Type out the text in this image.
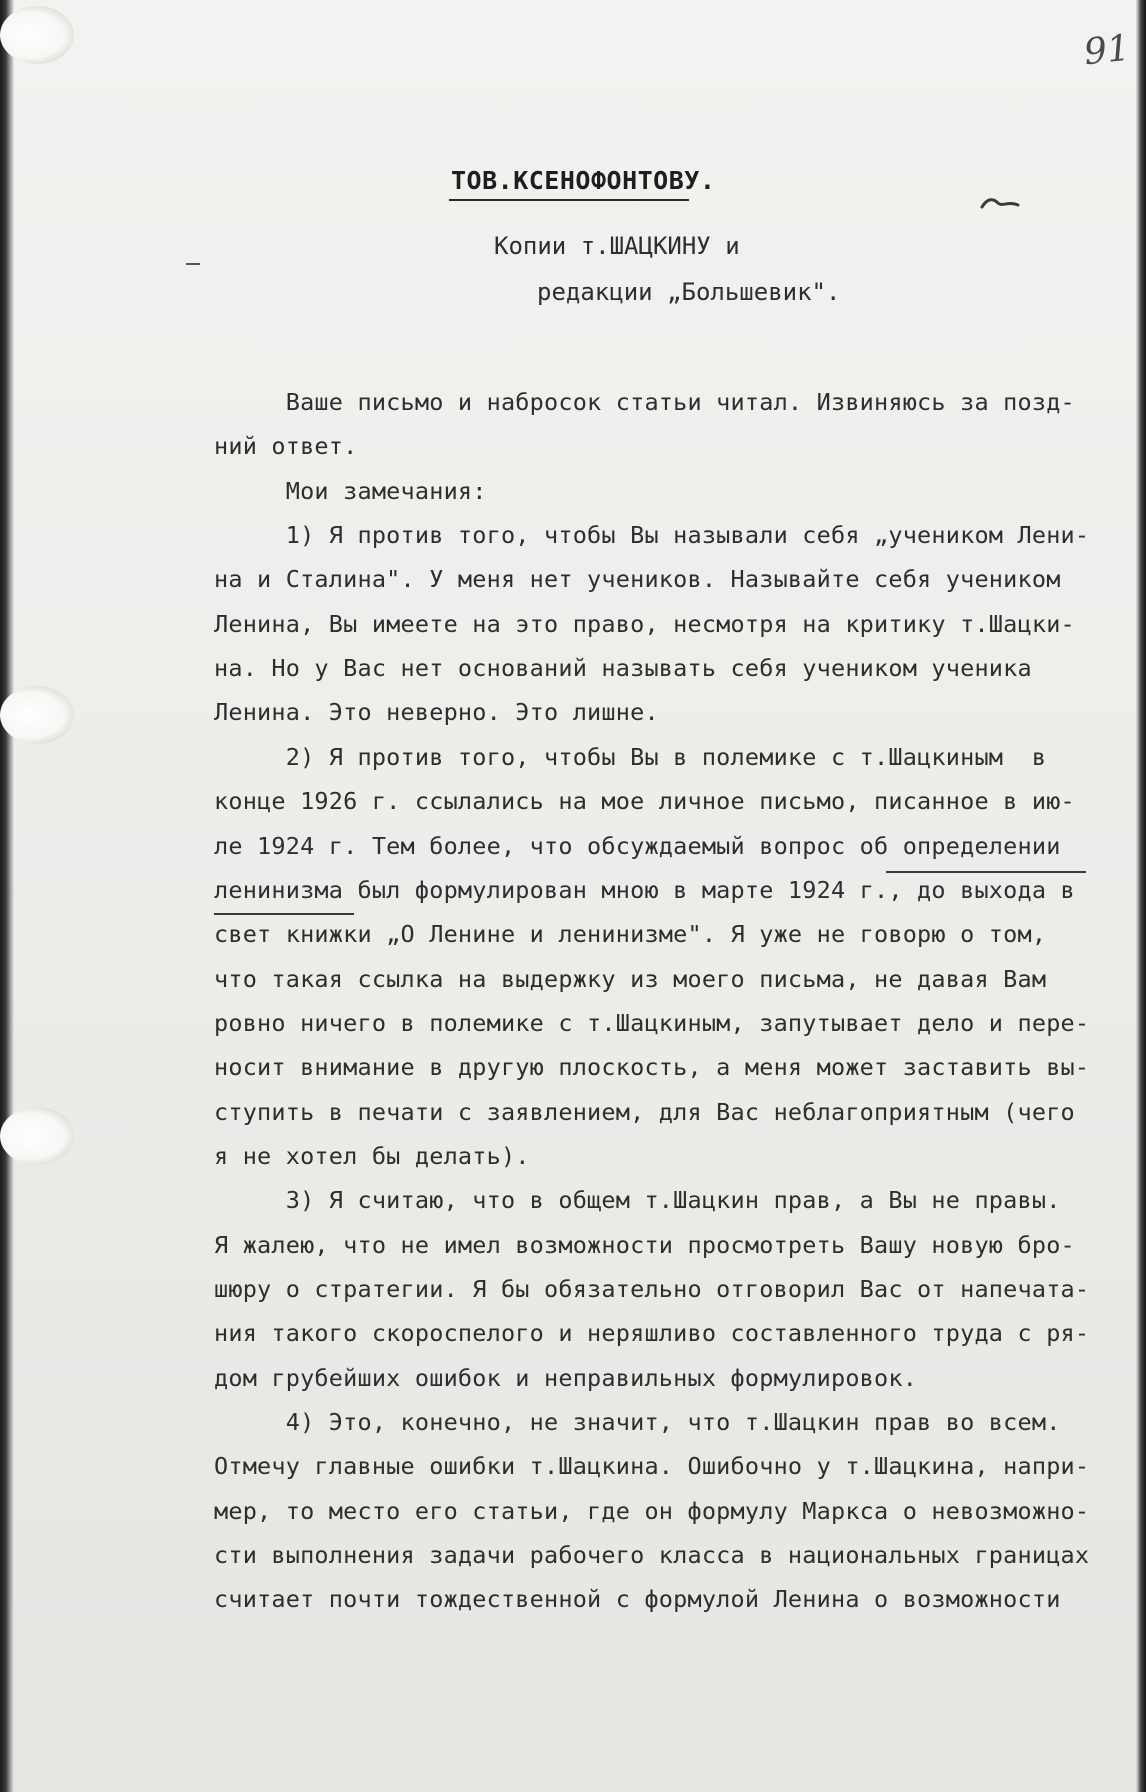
91
ТОВ.КСЕНОФОНТОВУ.
Копии т.ШАЦКИНУ и
редакции „Большевик".
Ваше письмо и набросок статьи читал. Извиняюсь за позд-
ний ответ.
Мои замечания:
1) Я против того, чтобы Вы называли себя „учеником Лени-
на и Сталина". У меня нет учеников. Называйте себя учеником
Ленина, Вы имеете на это право, несмотря на критику т.Шацки-
на. Но у Вас нет оснований называть себя учеником ученика
Ленина. Это неверно. Это лишне.
2) Я против того, чтобы Вы в полемике с т.Шацкиным  в
конце 1926 г. ссылались на мое личное письмо, писанное в ию-
ле 1924 г. Тем более, что обсуждаемый вопрос об определении
ленинизма был формулирован мною в марте 1924 г., до выхода в
свет книжки „О Ленине и ленинизме". Я уже не говорю о том,
что такая ссылка на выдержку из моего письма, не давая Вам
ровно ничего в полемике с т.Шацкиным, запутывает дело и пере-
носит внимание в другую плоскость, а меня может заставить вы-
ступить в печати с заявлением, для Вас неблагоприятным (чего
я не хотел бы делать).
3) Я считаю, что в общем т.Шацкин прав, а Вы не правы.
Я жалею, что не имел возможности просмотреть Вашу новую бро-
шюру о стратегии. Я бы обязательно отговорил Вас от напечата-
ния такого скороспелого и неряшливо составленного труда с ря-
дом грубейших ошибок и неправильных формулировок.
4) Это, конечно, не значит, что т.Шацкин прав во всем.
Отмечу главные ошибки т.Шацкина. Ошибочно у т.Шацкина, напри-
мер, то место его статьи, где он формулу Маркса о невозможно-
сти выполнения задачи рабочего класса в национальных границах
считает почти тождественной с формулой Ленина о возможности
